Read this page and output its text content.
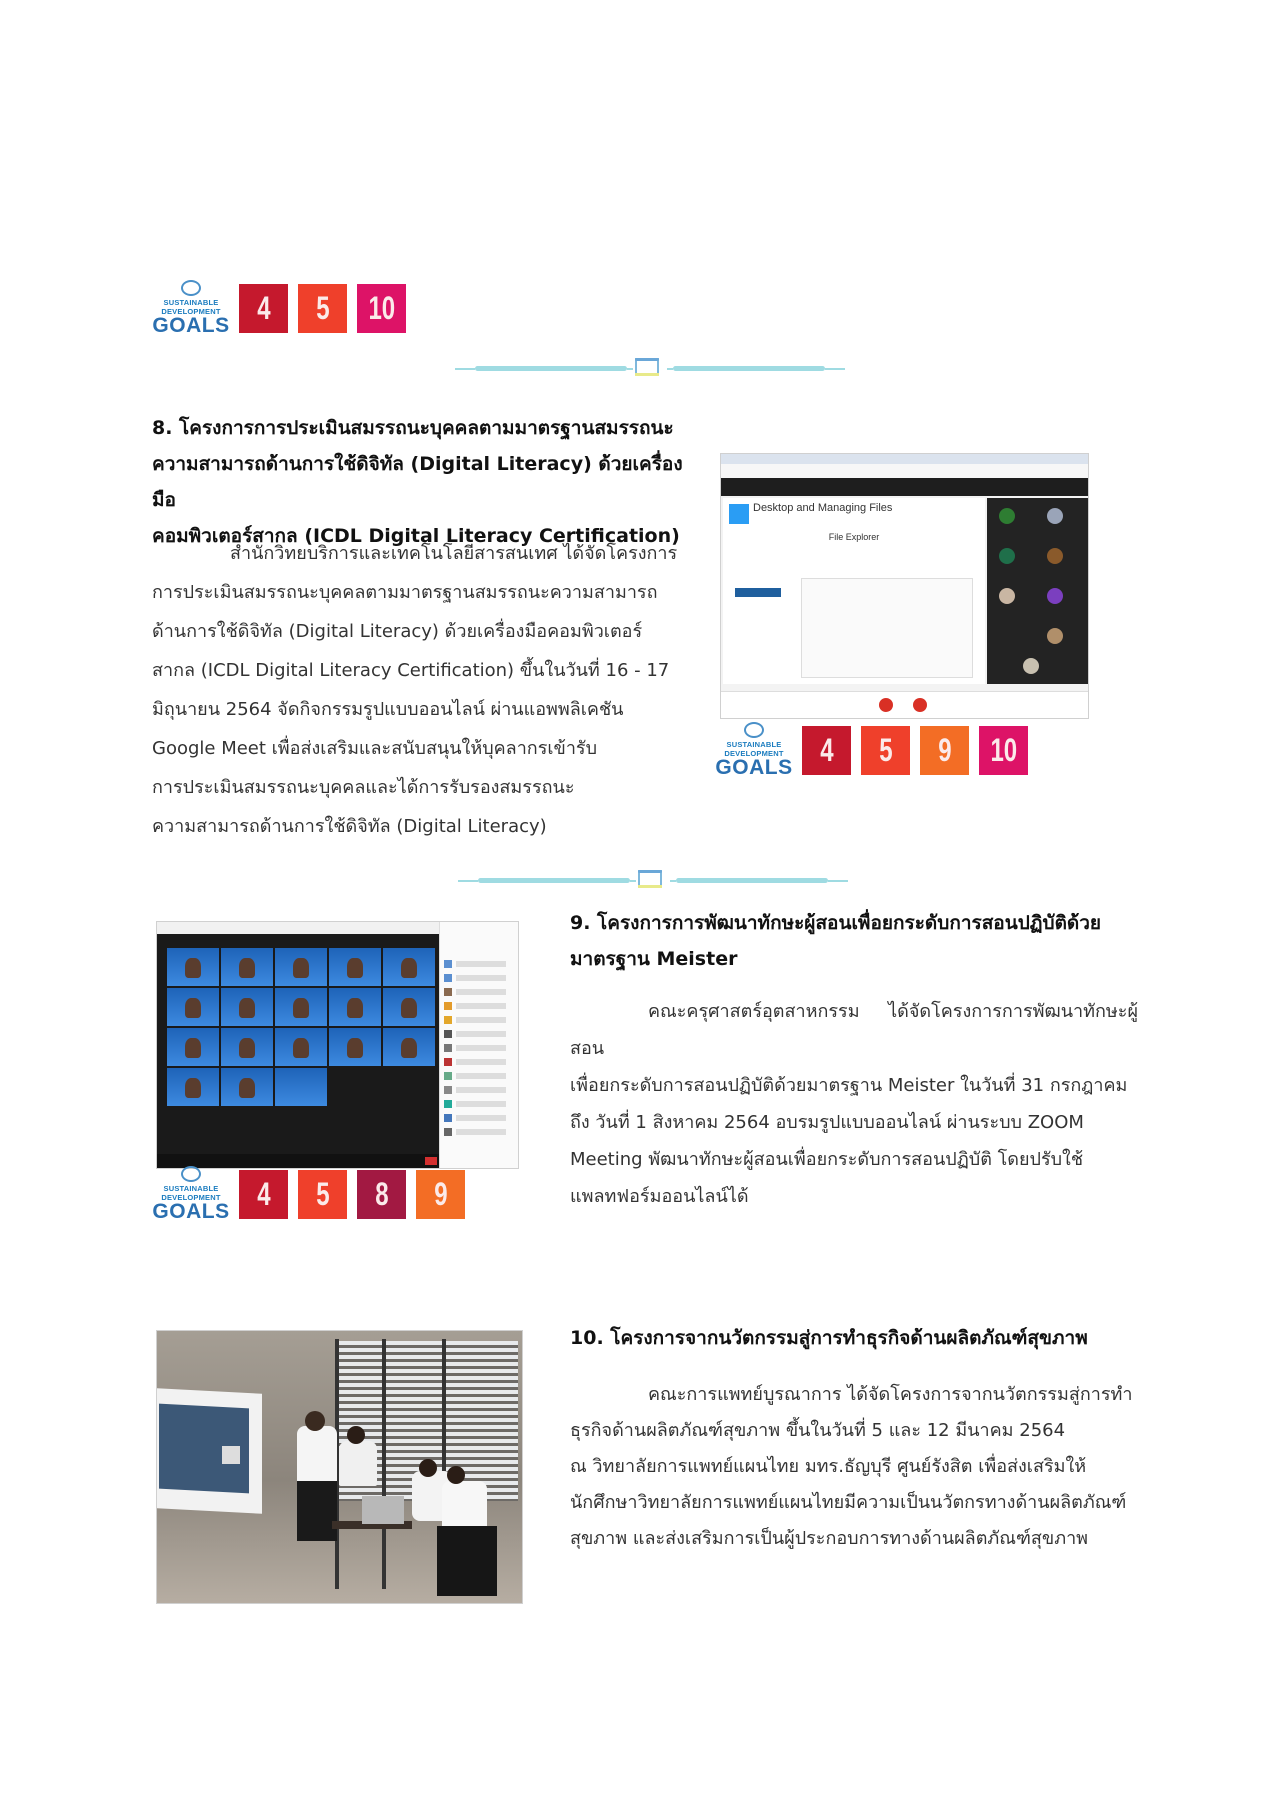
SUSTAINABLE
DEVELOPMENT
GOALS 4 5 10
8. โครงการการประเมินสมรรถนะบุคคลตามมาตรฐานสมรรถนะ
ความสามารถด้านการใช้ดิจิทัล (Digital Literacy) ด้วยเครื่องมือ
คอมพิวเตอร์สากล (ICDL Digital Literacy Certification)
สำนักวิทยบริการและเทคโนโลยีสารสนเทศ ได้จัดโครงการ
การประเมินสมรรถนะบุคคลตามมาตรฐานสมรรถนะความสามารถ
ด้านการใช้ดิจิทัล (Digital Literacy) ด้วยเครื่องมือคอมพิวเตอร์
สากล (ICDL Digital Literacy Certification) ขึ้นในวันที่ 16 - 17
มิถุนายน 2564 จัดกิจกรรมรูปแบบออนไลน์ ผ่านแอพพลิเคชัน
Google Meet เพื่อส่งเสริมและสนับสนุนให้บุคลากรเข้ารับ
การประเมินสมรรถนะบุคคลและได้การรับรองสมรรถนะ
ความสามารถด้านการใช้ดิจิทัล (Digital Literacy)
Desktop and Managing Files
File Explorer
SUSTAINABLE
DEVELOPMENT
GOALS 4 5 9 10
SUSTAINABLE
DEVELOPMENT
GOALS 4 5 8 9
9. โครงการการพัฒนาทักษะผู้สอนเพื่อยกระดับการสอนปฏิบัติด้วย
มาตรฐาน Meister
คณะครุศาสตร์อุตสาหกรรม ได้จัดโครงการการพัฒนาทักษะผู้สอน
เพื่อยกระดับการสอนปฏิบัติด้วยมาตรฐาน Meister ในวันที่ 31 กรกฎาคม
ถึง วันที่ 1 สิงหาคม 2564 อบรมรูปแบบออนไลน์ ผ่านระบบ ZOOM
Meeting พัฒนาทักษะผู้สอนเพื่อยกระดับการสอนปฏิบัติ โดยปรับใช้
แพลทฟอร์มออนไลน์ได้
10. โครงการจากนวัตกรรมสู่การทำธุรกิจด้านผลิตภัณฑ์สุขภาพ
คณะการแพทย์บูรณาการ ได้จัดโครงการจากนวัตกรรมสู่การทำ
ธุรกิจด้านผลิตภัณฑ์สุขภาพ ขึ้นในวันที่ 5 และ 12 มีนาคม 2564
ณ วิทยาลัยการแพทย์แผนไทย มทร.ธัญบุรี ศูนย์รังสิต เพื่อส่งเสริมให้
นักศึกษาวิทยาลัยการแพทย์แผนไทยมีความเป็นนวัตกรทางด้านผลิตภัณฑ์
สุขภาพ และส่งเสริมการเป็นผู้ประกอบการทางด้านผลิตภัณฑ์สุขภาพ
